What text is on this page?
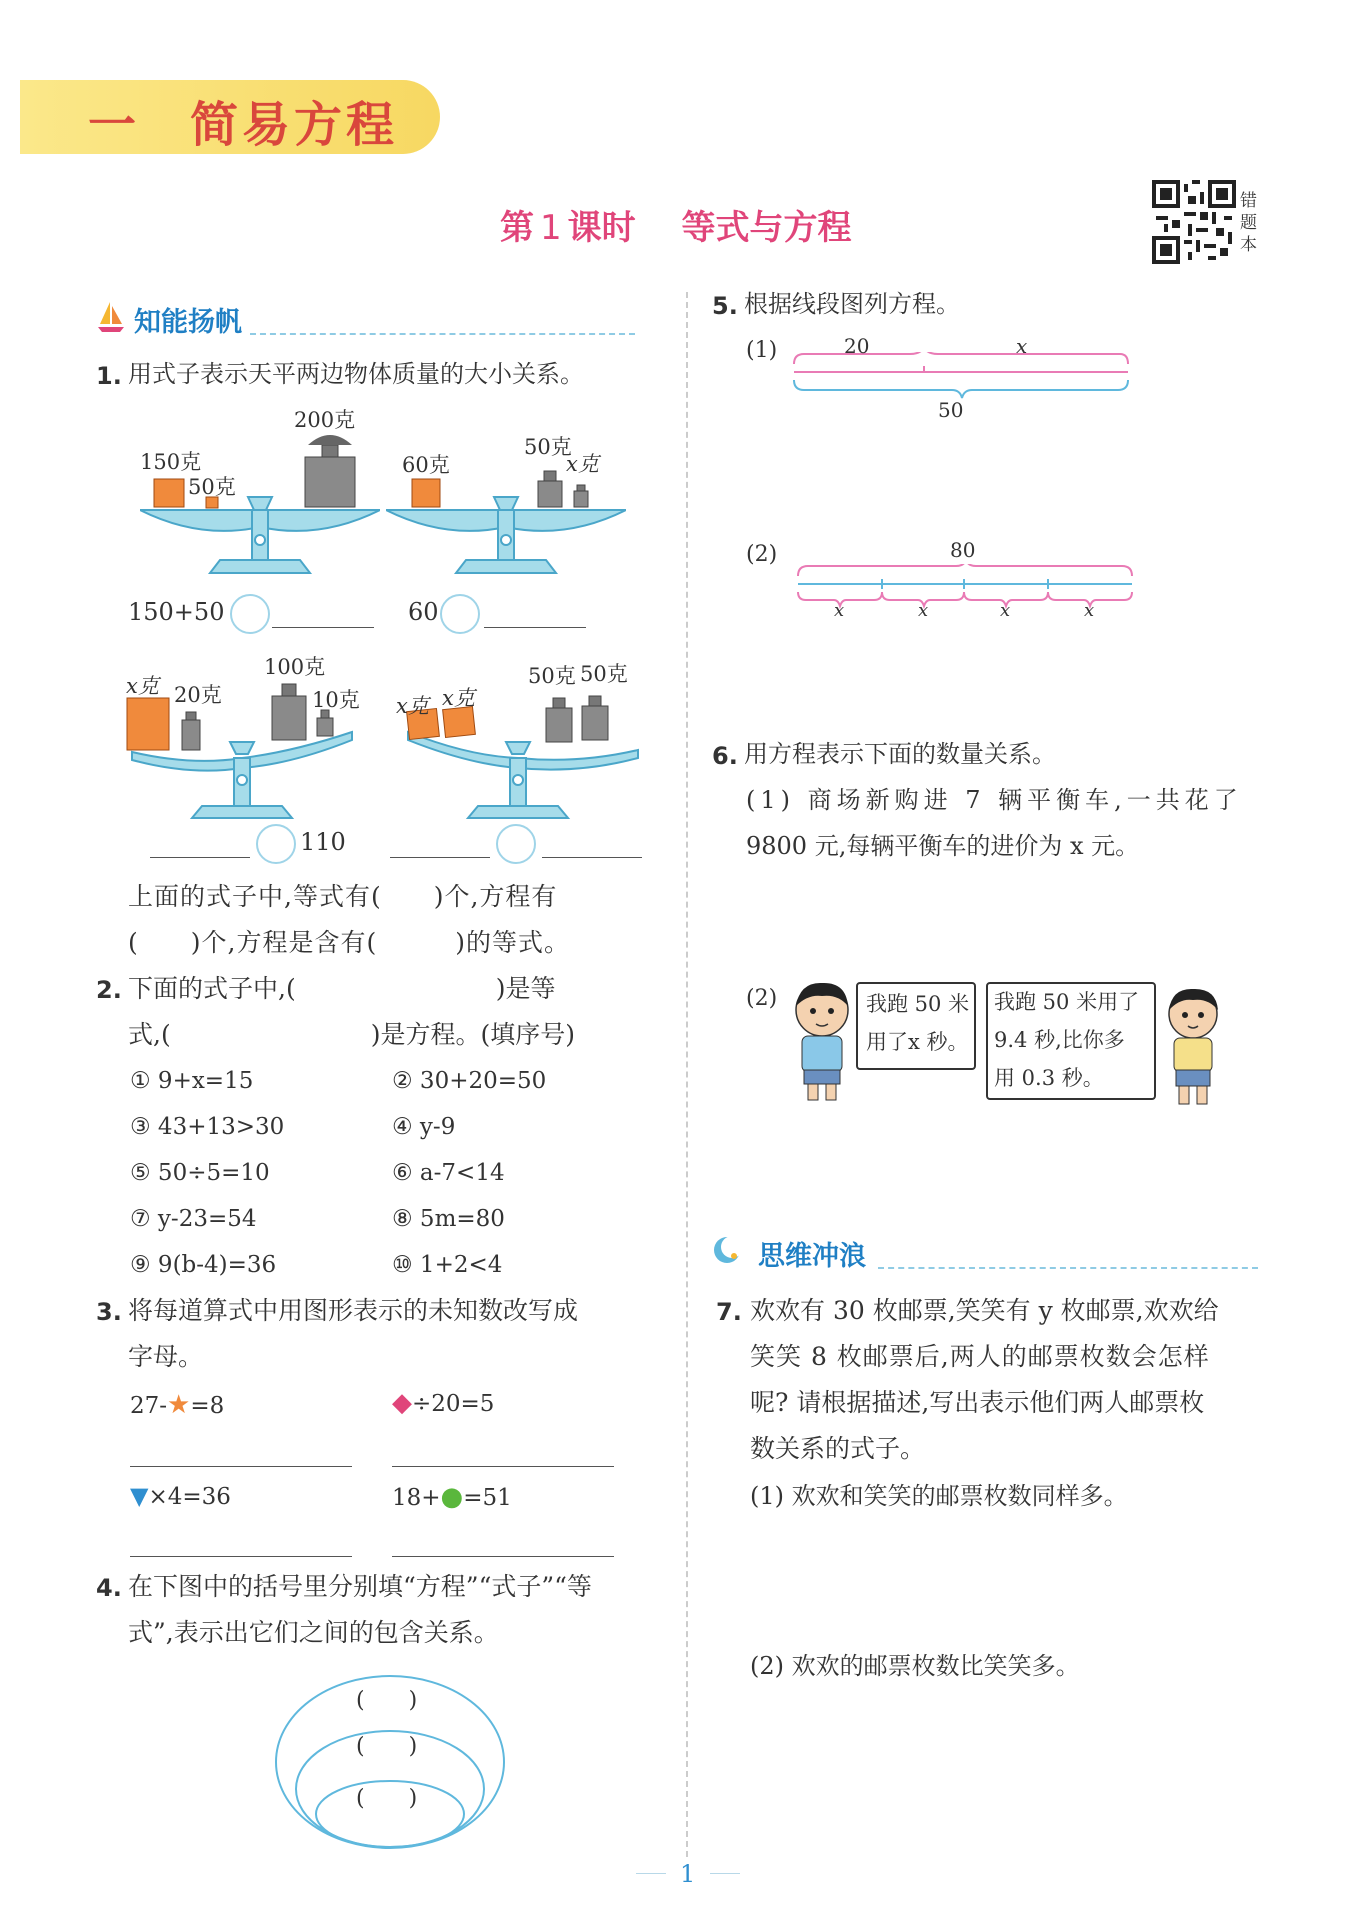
一 简易方程
第 1 课时 等式与方程
错题本
知能扬帆
1. 用式子表示天平两边物体质量的大小关系。
150克
50克
200克
60克
50克
x克
150+50	60
x克 20克
100克
10克 x克 x克
50克 50克
110
上面的式子中,等式有(　　)个,方程有
(　　)个,方程是含有(　　　)的等式。
2. 下面的式子中,(　　　　　　　　)是等
式,(　　　　　　　　)是方程。(填序号)
① 9+x=15	② 30+20=50
③ 43+13>30	④ y-9
⑤ 50÷5=10	⑥ a-7<14
⑦ y-23=54	⑧ 5m=80
⑨ 9(b-4)=36	⑩ 1+2<4
3. 将每道算式中用图形表示的未知数改写成
字母。
27-★=8	◆÷20=5
▼×4=36	18+●=51
4. 在下图中的括号里分别填“方程”“式子”“等
式”,表示出它们之间的包含关系。
(　　)
(　　)
(　　)
5. 根据线段图列方程。
(1)	20	x
50
(2)	80
x	x	x	x
6. 用方程表示下面的数量关系。
(1) 商场新购进 7 辆平衡车,一共花了
9800 元,每辆平衡车的进价为 x 元。
(2)	我跑 50 米
用了x 秒。
我跑 50 米用了
9.4 秒,比你多
用 0.3 秒。
思维冲浪
7. 欢欢有 30 枚邮票,笑笑有 y 枚邮票,欢欢给
笑笑 8 枚邮票后,两人的邮票枚数会怎样
呢? 请根据描述,写出表示他们两人邮票枚
数关系的式子。
(1) 欢欢和笑笑的邮票枚数同样多。
(2) 欢欢的邮票枚数比笑笑多。
1
